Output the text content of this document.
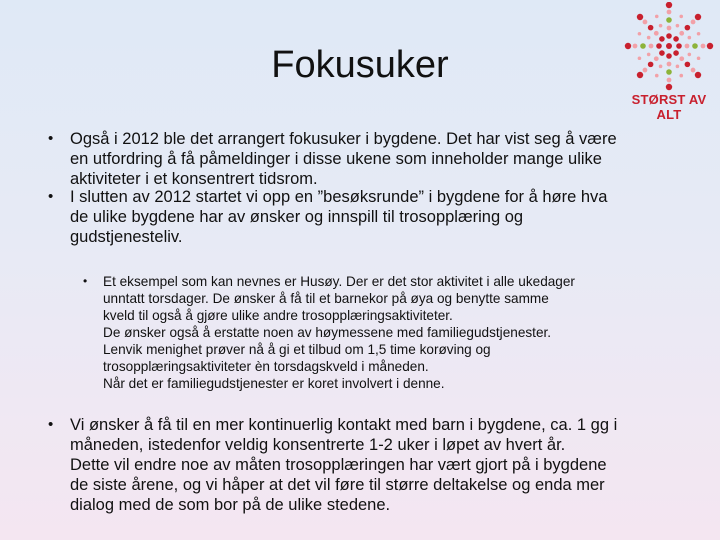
Fokusuker
STØRST AV ALT
• Også i 2012 ble det arrangert fokusuker i bygdene. Det har vist seg å være
en utfordring å få påmeldinger i disse ukene som inneholder mange ulike
aktiviteter i et konsentrert tidsrom.
• I slutten av 2012 startet vi opp en ”besøksrunde” i bygdene for å høre hva
de ulike bygdene har av ønsker og innspill til trosopplæring og
gudstjenesteliv.
• Et eksempel som kan nevnes er Husøy. Der er det stor aktivitet i alle ukedager
unntatt torsdager. De ønsker å få til et barnekor på øya og benytte samme
kveld til også å gjøre ulike andre trosopplæringsaktiviteter.
De ønsker også å erstatte noen av høymessene med familiegudstjenester.
Lenvik menighet prøver nå å gi et tilbud om 1,5 time korøving og
trosopplæringsaktiviteter èn torsdagskveld i måneden.
Når det er familiegudstjenester er koret involvert i denne.
• Vi ønsker å få til en mer kontinuerlig kontakt med barn i bygdene, ca. 1 gg i
måneden, istedenfor veldig konsentrerte 1-2 uker i løpet av hvert år.
Dette vil endre noe av måten trosopplæringen har vært gjort på i bygdene
de siste årene, og vi håper at det vil føre til større deltakelse og enda mer
dialog med de som bor på de ulike stedene.
